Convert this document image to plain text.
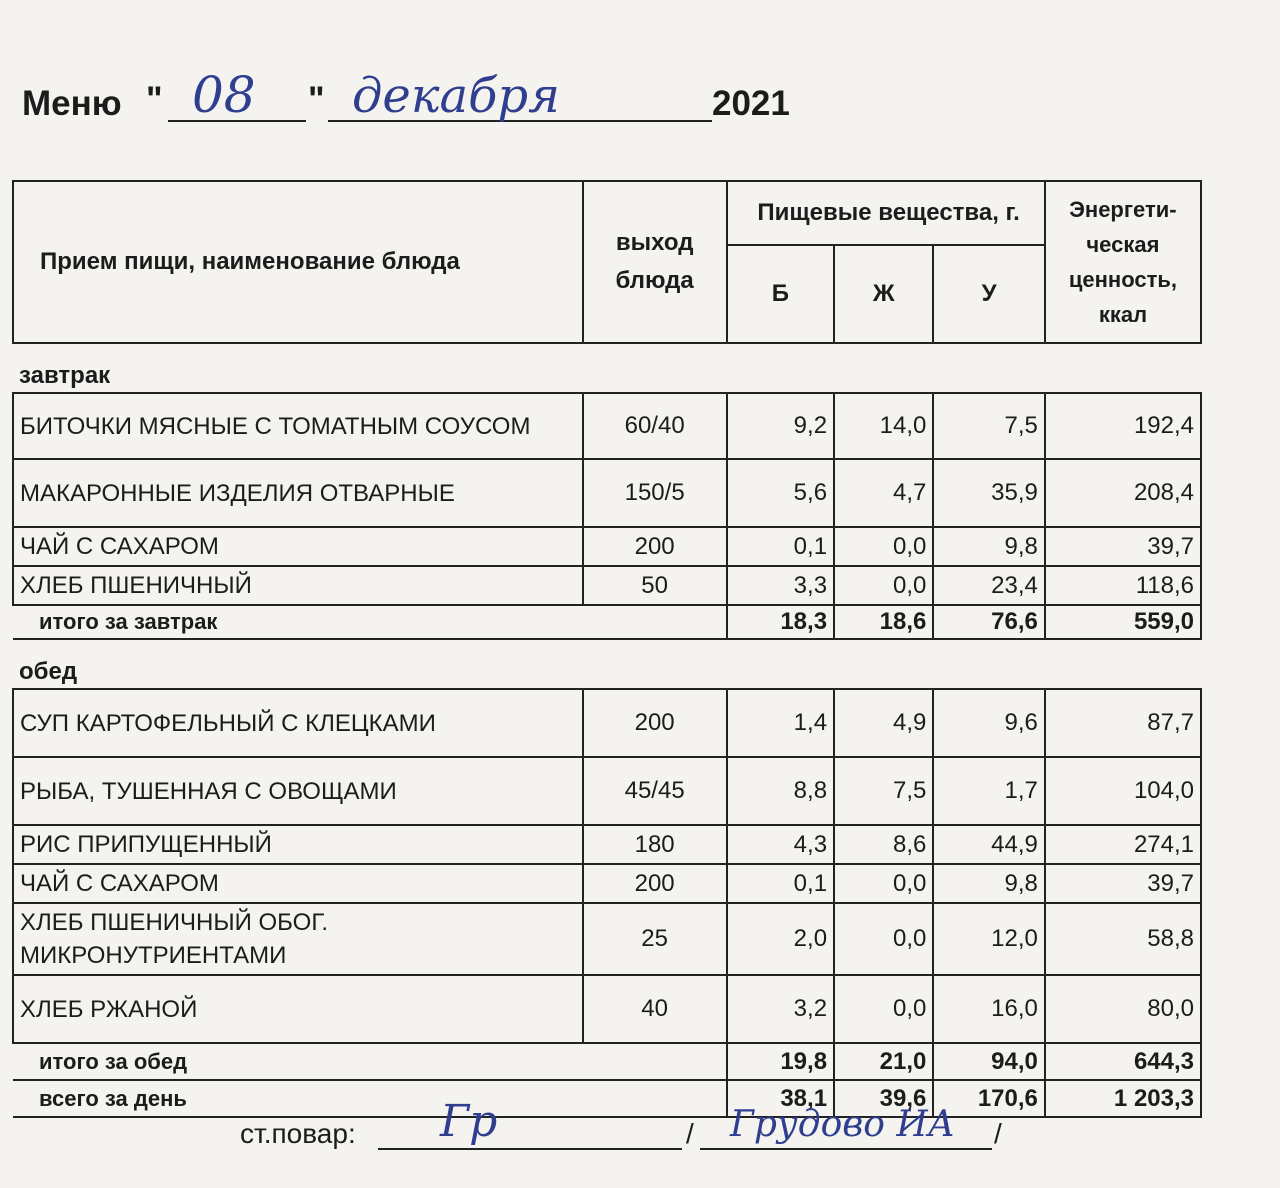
Меню " 08 " декабря	2021
Прием пищи, наименование блюда	выход блюда	Пищевые вещества, г.			Энергети-ческая ценность, ккал

		Б	Ж	У	
завтрак					
БИТОЧКИ МЯСНЫЕ С ТОМАТНЫМ СОУСОМ	60/40	9,2	14,0	7,5	192,4
МАКАРОННЫЕ ИЗДЕЛИЯ ОТВАРНЫЕ	150/5	5,6	4,7	35,9	208,4
ЧАЙ С САХАРОМ	200	0,1	0,0	9,8	39,7
ХЛЕБ ПШЕНИЧНЫЙ	50	3,3	0,0	23,4	118,6
итого за завтрак		18,3	18,6	76,6	559,0
обед					
СУП КАРТОФЕЛЬНЫЙ С КЛЕЦКАМИ	200	1,4	4,9	9,6	87,7
РЫБА, ТУШЕННАЯ С ОВОЩАМИ	45/45	8,8	7,5	1,7	104,0
РИС ПРИПУЩЕННЫЙ	180	4,3	8,6	44,9	274,1
ЧАЙ С САХАРОМ	200	0,1	0,0	9,8	39,7
ХЛЕБ ПШЕНИЧНЫЙ ОБОГ. МИКРОНУТРИЕНТАМИ	25	2,0	0,0	12,0	58,8
ХЛЕБ РЖАНОЙ	40	3,2	0,0	16,0	80,0
итого за обед		19,8	21,0	94,0	644,3
всего за день		38,1	39,6	170,6	1 203,3
ст.повар: Гр	/ Грудово ИА /
